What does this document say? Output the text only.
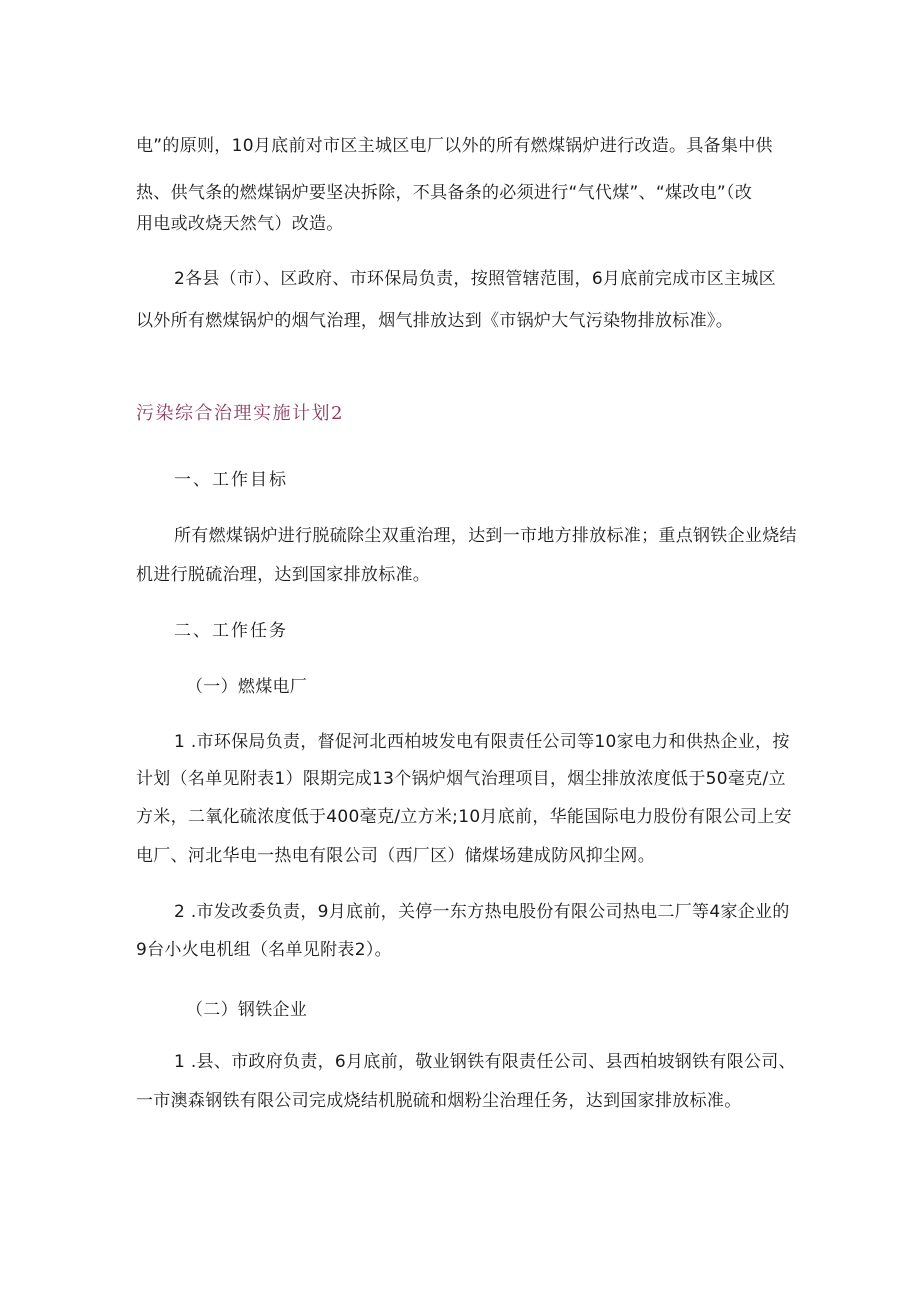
电”的原则，10月底前对市区主城区电厂以外的所有燃煤锅炉进行改造。具备集中供
热、供气条的燃煤锅炉要坚决拆除，不具备条的必须进行“气代煤”、“煤改电”（改
用电或改烧天然气）改造。
2各县（市）、区政府、市环保局负责，按照管辖范围，6月底前完成市区主城区
以外所有燃煤锅炉的烟气治理，烟气排放达到《市锅炉大气污染物排放标准》。
污染综合治理实施计划2
一、工作目标
所有燃煤锅炉进行脱硫除尘双重治理，达到一市地方排放标准；重点钢铁企业烧结
机进行脱硫治理，达到国家排放标准。
二、工作任务
（一）燃煤电厂
1 .市环保局负责，督促河北西柏坡发电有限责任公司等10家电力和供热企业，按
计划（名单见附表1）限期完成13个锅炉烟气治理项目，烟尘排放浓度低于50毫克/立
方米，二氧化硫浓度低于400毫克/立方米;10月底前，华能国际电力股份有限公司上安
电厂、河北华电一热电有限公司（西厂区）储煤场建成防风抑尘网。
2 .市发改委负责，9月底前，关停一东方热电股份有限公司热电二厂等4家企业的
9台小火电机组（名单见附表2）。
（二）钢铁企业
1 .县、市政府负责，6月底前，敬业钢铁有限责任公司、县西柏坡钢铁有限公司、
一市澳森钢铁有限公司完成烧结机脱硫和烟粉尘治理任务，达到国家排放标准。
